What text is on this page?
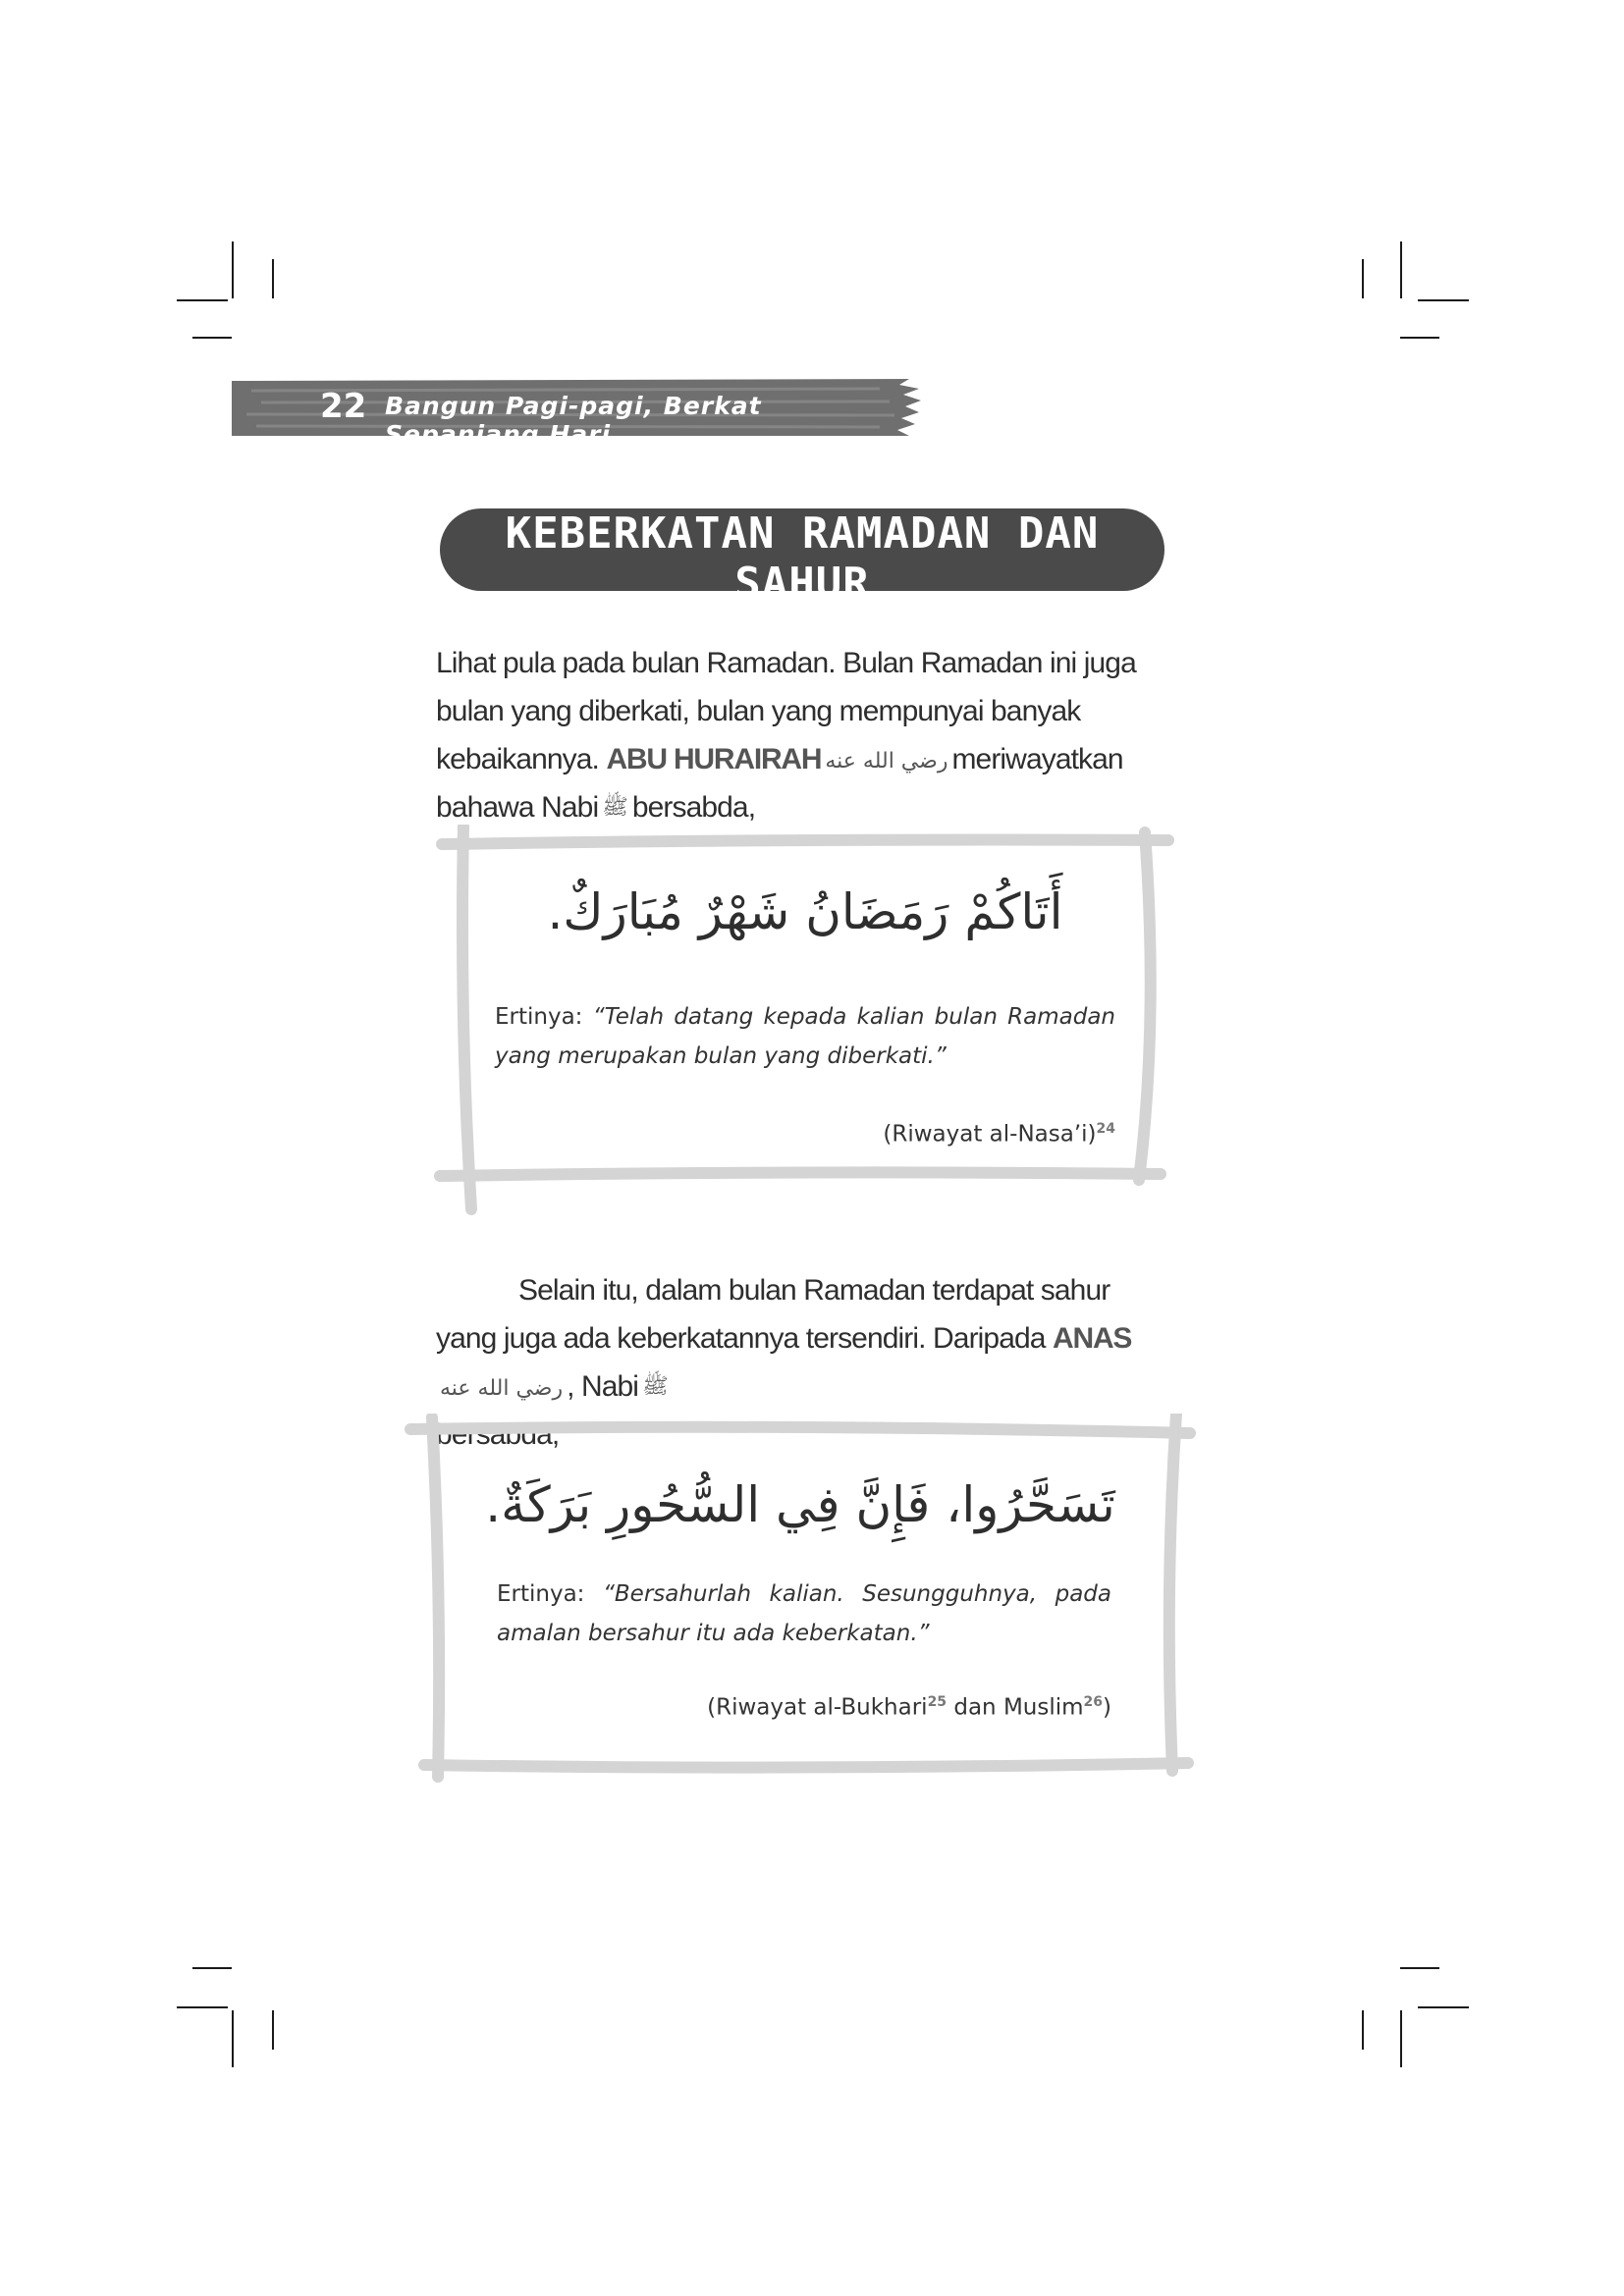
22 Bangun Pagi-pagi, Berkat Sepanjang Hari
KEBERKATAN RAMADAN DAN SAHUR

Lihat pula pada bulan Ramadan. Bulan Ramadan ini juga bulan yang diberkati, bulan yang mempunyai banyak kebaikannya. ABU HURAIRAH رضي الله عنه meriwayatkan bahawa Nabi ﷺ bersabda,

أَتَاكُمْ رَمَضَانُ شَهْرٌ مُبَارَكٌ.

Ertinya: “Telah datang kepada kalian bulan Ramadan yang merupakan bulan yang diberkati.”

(Riwayat al-Nasa’i)$^{24}$

Selain itu, dalam bulan Ramadan terdapat sahur yang juga ada keberkatannya tersendiri. Daripada ANASرضي الله عنه , Nabi ﷺ
bersabda,

تَسَحَّرُوا، فَإِنَّ فِي السُّحُورِ بَرَكَةٌ.

Ertinya: “Bersahurlah kalian. Sesungguhnya, pada amalan bersahur itu ada keberkatan.”

(Riwayat al-Bukhari$^{25}$ dan Muslim$^{26}$)
